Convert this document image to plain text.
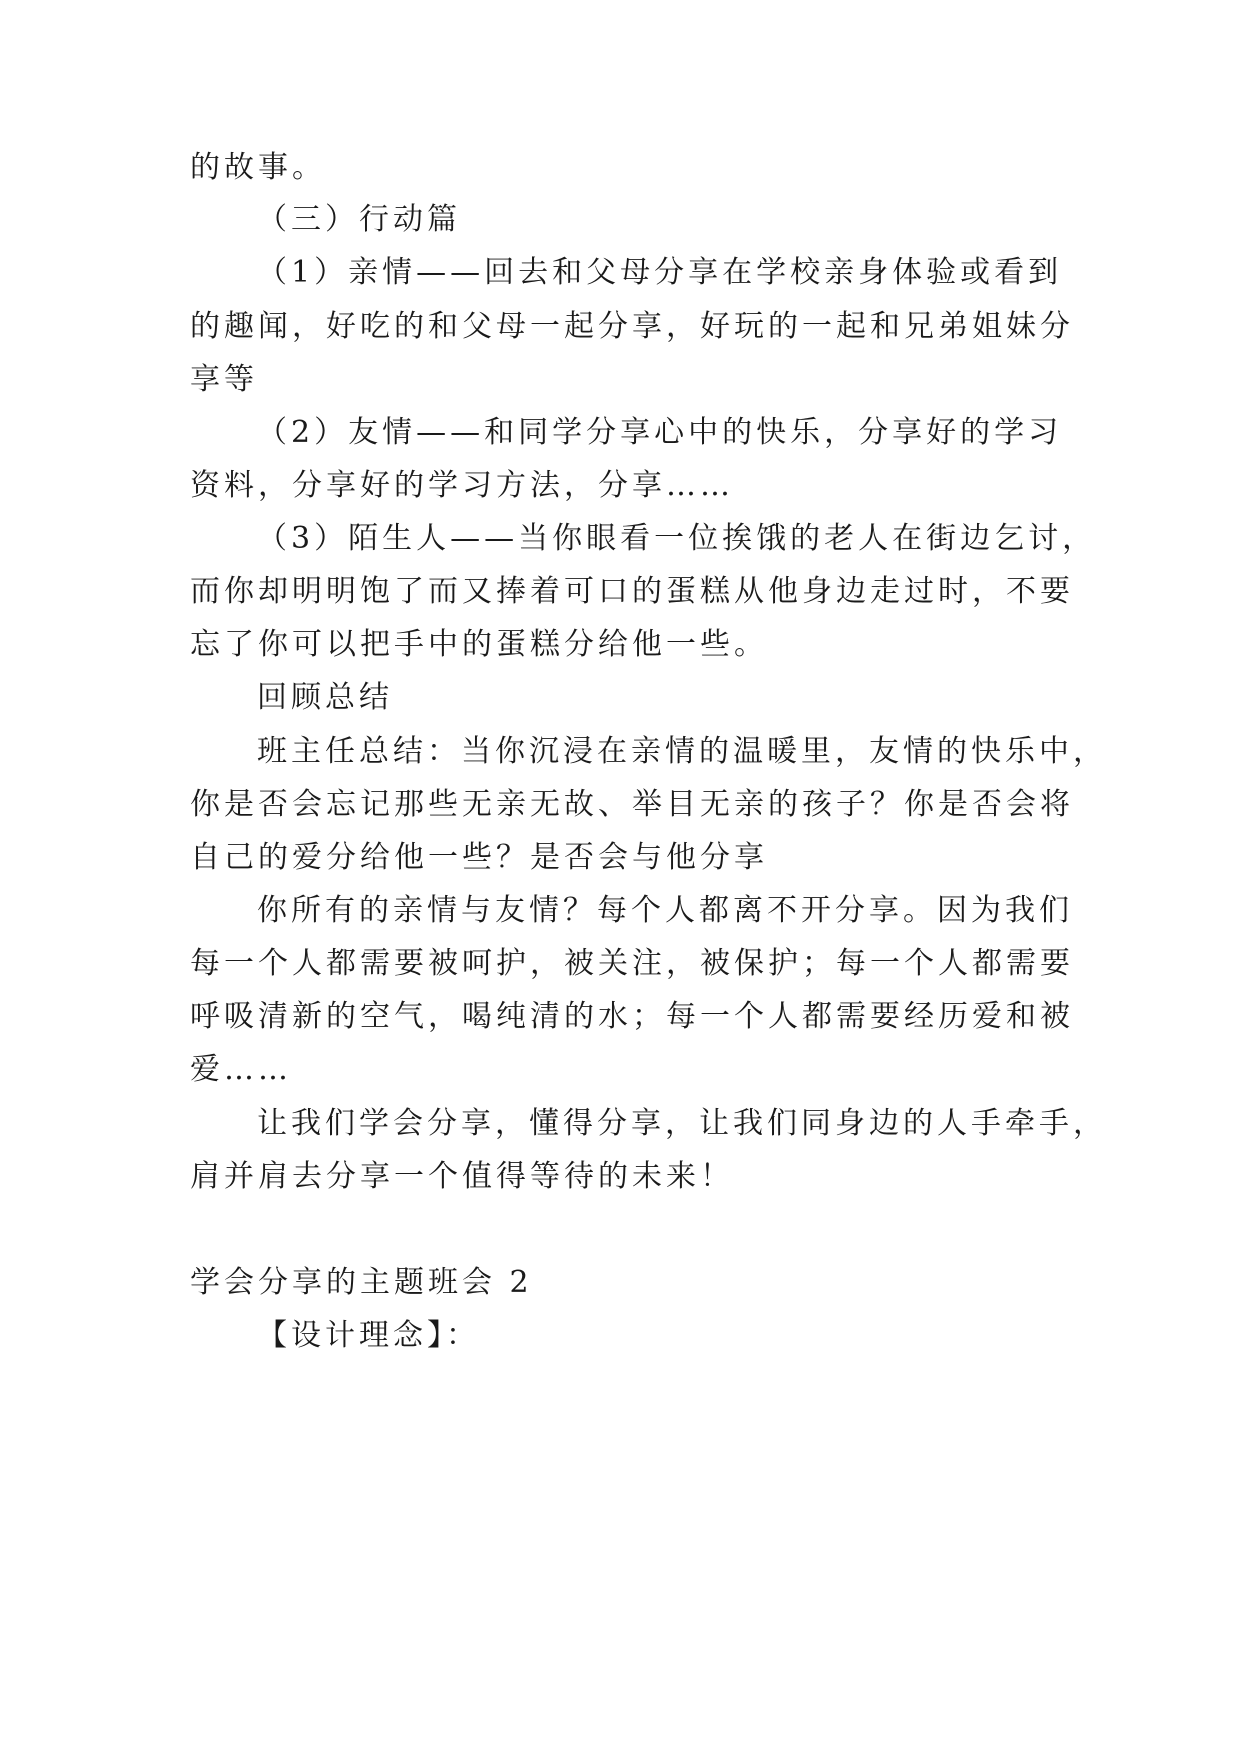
的故事。
（三）行动篇
（1）亲情——回去和父母分享在学校亲身体验或看到
的趣闻，好吃的和父母一起分享，好玩的一起和兄弟姐妹分
享等
（2）友情——和同学分享心中的快乐，分享好的学习
资料，分享好的学习方法，分享……
（3）陌生人——当你眼看一位挨饿的老人在街边乞讨，
而你却明明饱了而又捧着可口的蛋糕从他身边走过时，不要
忘了你可以把手中的蛋糕分给他一些。
回顾总结
班主任总结：当你沉浸在亲情的温暖里，友情的快乐中，
你是否会忘记那些无亲无故、举目无亲的孩子？你是否会将
自己的爱分给他一些？是否会与他分享
你所有的亲情与友情？每个人都离不开分享。因为我们
每一个人都需要被呵护，被关注，被保护；每一个人都需要
呼吸清新的空气，喝纯清的水；每一个人都需要经历爱和被
爱……
让我们学会分享，懂得分享，让我们同身边的人手牵手，
肩并肩去分享一个值得等待的未来！
学会分享的主题班会 2
【设计理念】：
